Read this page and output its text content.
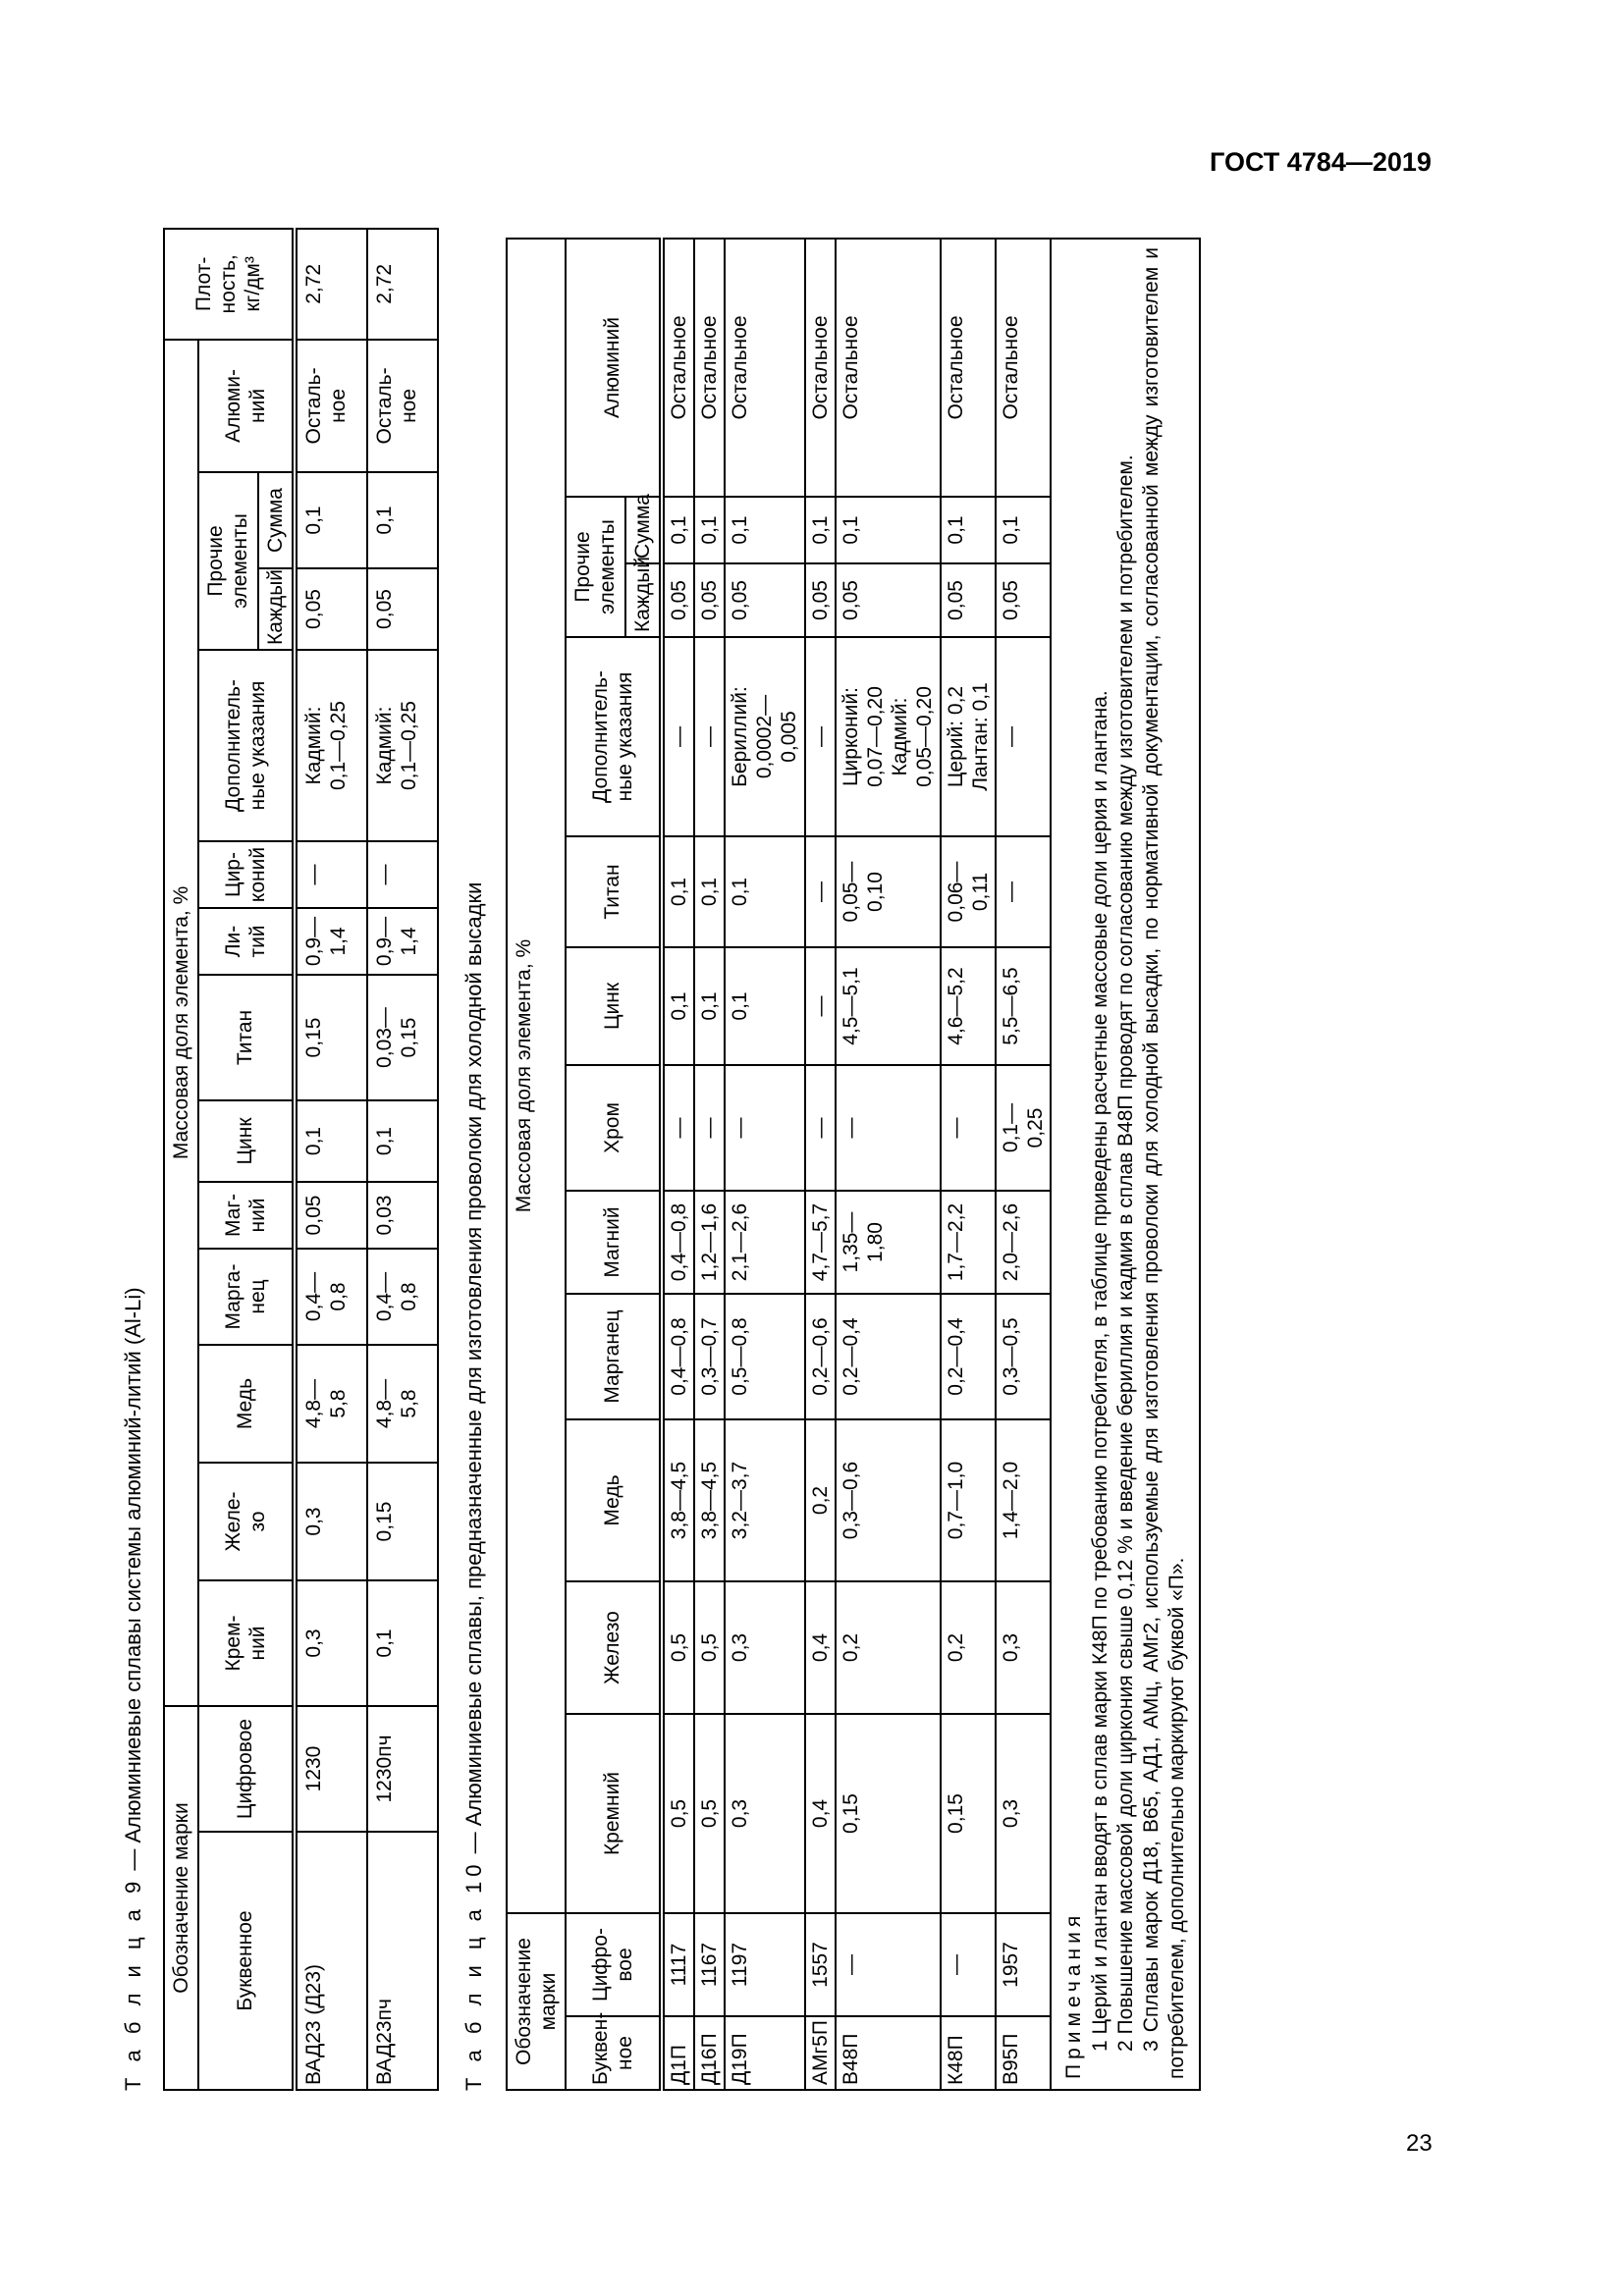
ГОСТ 4784—2019
23
Т а б л и ц а 9 — Алюминиевые сплавы системы алюминий-литий (Al-Li)
Обозначение марки		Массовая доля элемента, %													Плот-
ность,
кг/дм³
Буквенное	Цифровое	Крем-
ний	Желе-
зо	Медь	Марга-
нец	Маг-
ний	Цинк	Титан	Ли-
тий	Цир-
коний	Дополнитель-
ные указания	Прочие элементы		Алюми-
ний	
												Каждый	Сумма		
ВАД23 (Д23)	1230	0,3	0,3	4,8—
5,8	0,4—
0,8	0,05	0,1	0,15	0,9—
1,4	—	Кадмий:
0,1—0,25	0,05	0,1	Осталь-
ное	2,72
ВАД23пч	1230пч	0,1	0,15	4,8—
5,8	0,4—
0,8	0,03	0,1	0,03—
0,15	0,9—
1,4	—	Кадмий:
0,1—0,25	0,05	0,1	Осталь-
ное	2,72
Т а б л и ц а 10 — Алюминиевые сплавы, предназначенные для изготовления проволоки для холодной высадки
Обозначение марки		Массовая доля элемента, %											
Буквен-
ное	Цифро-
вое	Кремний	Железо	Медь	Марганец	Магний	Хром	Цинк	Титан	Дополнитель-
ные указания	Прочие элементы		Алюминий
											Каждый	Сумма	
Д1П	1117	0,5	0,5	3,8—4,5	0,4—0,8	0,4—0,8	—	0,1	0,1	—	0,05	0,1	Остальное
Д16П	1167	0,5	0,5	3,8—4,5	0,3—0,7	1,2—1,6	—	0,1	0,1	—	0,05	0,1	Остальное
Д19П	1197	0,3	0,3	3,2—3,7	0,5—0,8	2,1—2,6	—	0,1	0,1	Бериллий:
0,0002—
0,005	0,05	0,1	Остальное
АМг5П	1557	0,4	0,4	0,2	0,2—0,6	4,7—5,7	—	—	—	—	0,05	0,1	Остальное
В48П	—	0,15	0,2	0,3—0,6	0,2—0,4	1,35—
1,80	—	4,5—5,1	0,05—
0,10	Цирконий:
0,07—0,20
Кадмий:
0,05—0,20	0,05	0,1	Остальное
К48П	—	0,15	0,2	0,7—1,0	0,2—0,4	1,7—2,2	—	4,6—5,2	0,06—
0,11	Церий: 0,2
Лантан: 0,1	0,05	0,1	Остальное
В95П	1957	0,3	0,3	1,4—2,0	0,3—0,5	2,0—2,6	0,1—
0,25	5,5—6,5	—	—	0,05	0,1	Остальное

Примечания 1 Церий и лантан вводят в сплав марки К48П по требованию потребителя, в таблице приведены расчетные массовые доли церия и лантана. 2 Повышение массовой доли циркония свыше 0,12 % и введение бериллия и кадмия в сплав В48П проводят по согласованию между изготовителем и потребителем. 3 Сплавы марок Д18, В65, АД1, АМц, АМг2, используемые для изготовления проволоки для холодной высадки, по нормативной документации, согласованной между изготовителем и потребителем, дополнительно маркируют буквой «П».													
